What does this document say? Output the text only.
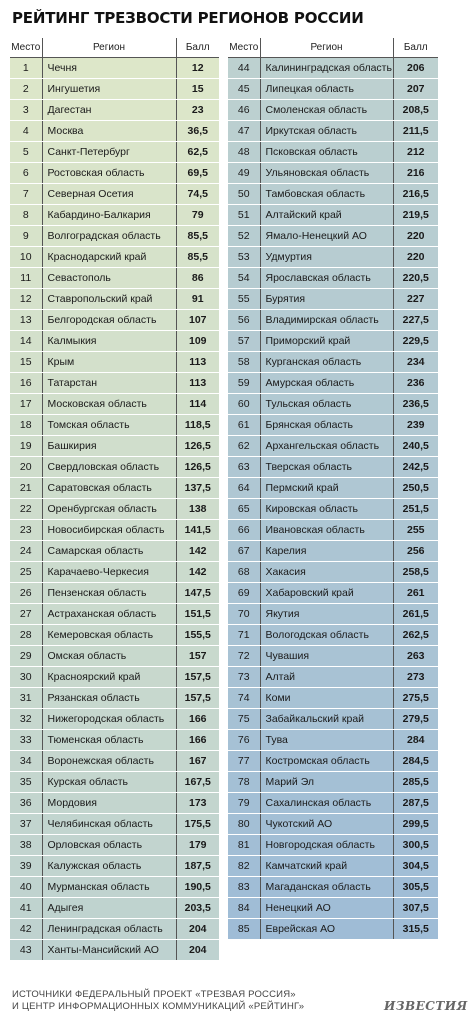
РЕЙТИНГ ТРЕЗВОСТИ РЕГИОНОВ РОССИИ
Место	Регион	Балл
1	Чечня	12
2	Ингушетия	15
3	Дагестан	23
4	Москва	36,5
5	Санкт-Петербург	62,5
6	Ростовская область	69,5
7	Северная Осетия	74,5
8	Кабардино-Балкария	79
9	Волгоградская область	85,5
10	Краснодарский край	85,5
11	Севастополь	86
12	Ставропольский край	91
13	Белгородская область	107
14	Калмыкия	109
15	Крым	113
16	Татарстан	113
17	Московская область	114
18	Томская область	118,5
19	Башкирия	126,5
20	Свердловская область	126,5
21	Саратовская область	137,5
22	Оренбургская область	138
23	Новосибирская область	141,5
24	Самарская область	142
25	Карачаево-Черкесия	142
26	Пензенская область	147,5
27	Астраханская область	151,5
28	Кемеровская область	155,5
29	Омская область	157
30	Красноярский край	157,5
31	Рязанская область	157,5
32	Нижегородская область	166
33	Тюменская область	166
34	Воронежская область	167
35	Курская область	167,5
36	Мордовия	173
37	Челябинская область	175,5
38	Орловская область	179
39	Калужская область	187,5
40	Мурманская область	190,5
41	Адыгея	203,5
42	Ленинградская область	204
43	Ханты-Мансийский АО	204
Место	Регион	Балл
44	Калининградская область	206
45	Липецкая область	207
46	Смоленская область	208,5
47	Иркутская область	211,5
48	Псковская область	212
49	Ульяновская область	216
50	Тамбовская область	216,5
51	Алтайский край	219,5
52	Ямало-Ненецкий АО	220
53	Удмуртия	220
54	Ярославская область	220,5
55	Бурятия	227
56	Владимирская область	227,5
57	Приморский край	229,5
58	Курганская область	234
59	Амурская область	236
60	Тульская область	236,5
61	Брянская область	239
62	Архангельская область	240,5
63	Тверская область	242,5
64	Пермский край	250,5
65	Кировская область	251,5
66	Ивановская область	255
67	Карелия	256
68	Хакасия	258,5
69	Хабаровский край	261
70	Якутия	261,5
71	Вологодская область	262,5
72	Чувашия	263
73	Алтай	273
74	Коми	275,5
75	Забайкальский край	279,5
76	Тува	284
77	Костромская область	284,5
78	Марий Эл	285,5
79	Сахалинская область	287,5
80	Чукотский АО	299,5
81	Новгородская область	300,5
82	Камчатский край	304,5
83	Магаданская область	305,5
84	Ненецкий АО	307,5
85	Еврейская АО	315,5
ИСТОЧНИКИ ФЕДЕРАЛЬНЫЙ ПРОЕКТ «ТРЕЗВАЯ РОССИЯ»
И ЦЕНТР ИНФОРМАЦИОННЫХ КОММУНИКАЦИЙ «РЕЙТИНГ»	ИЗВЕСТИЯ
